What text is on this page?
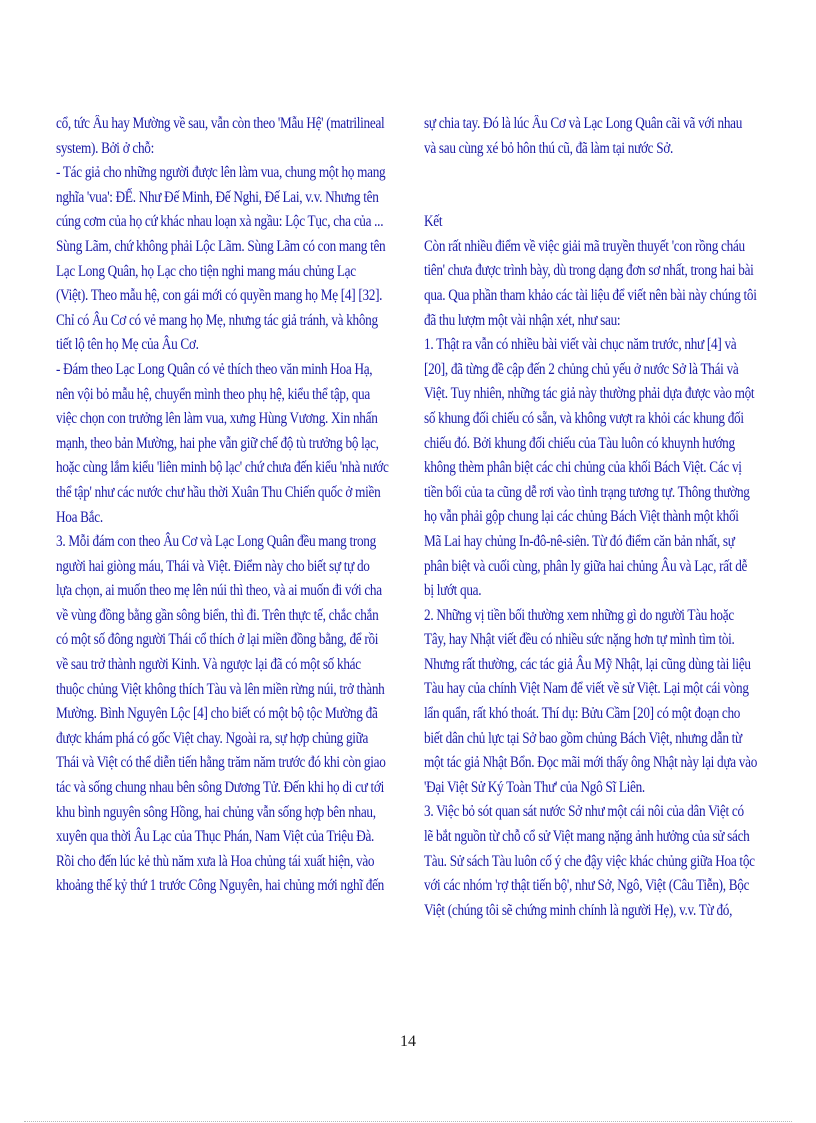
cổ, tức Âu hay Mường về sau, vẫn còn theo 'Mẫu Hệ' (matrilineal
system). Bởi ở chỗ:
- Tác giả cho những người được lên làm vua, chung một họ mang
nghĩa 'vua': ĐẾ. Như Đế Minh, Đế Nghi, Đế Lai, v.v. Nhưng tên
cúng cơm của họ cứ khác nhau loạn xà ngầu: Lộc Tục, cha của ...
Sùng Lãm, chứ không phải Lộc Lãm. Sùng Lãm có con mang tên
Lạc Long Quân, họ Lạc cho tiện nghi mang máu chủng Lạc
(Việt). Theo mẫu hệ, con gái mới có quyền mang họ Mẹ [4] [32].
Chỉ có Âu Cơ có vẻ mang họ Mẹ, nhưng tác giả tránh, và không
tiết lộ tên họ Mẹ của Âu Cơ.
- Đám theo Lạc Long Quân có vẻ thích theo văn minh Hoa Hạ,
nên vội bỏ mẫu hệ, chuyển mình theo phụ hệ, kiểu thể tập, qua
việc chọn con trưởng lên làm vua, xưng Hùng Vương. Xin nhấn
mạnh, theo bản Mường, hai phe vẫn giữ chế độ tù trưởng bộ lạc,
hoặc cùng lắm kiểu 'liên minh bộ lạc' chứ chưa đến kiểu 'nhà nước
thể tập' như các nước chư hầu thời Xuân Thu Chiến quốc ở miền
Hoa Bắc.
3. Mỗi đám con theo Âu Cơ và Lạc Long Quân đều mang trong
người hai giòng máu, Thái và Việt. Điểm này cho biết sự tự do
lựa chọn, ai muốn theo mẹ lên núi thì theo, và ai muốn đi với cha
về vùng đồng bằng gần sông biển, thì đi. Trên thực tế, chắc chắn
có một số đông người Thái cổ thích ở lại miền đồng bằng, để rồi
về sau trở thành người Kinh. Và ngược lại đã có một số khác
thuộc chủng Việt không thích Tàu và lên miền rừng núi, trở thành
Mường. Bình Nguyên Lộc [4] cho biết có một bộ tộc Mường đã
được khám phá có gốc Việt chay. Ngoài ra, sự hợp chủng giữa
Thái và Việt có thể diễn tiến hằng trăm năm trước đó khi còn giao
tác và sống chung nhau bên sông Dương Tử. Đến khi họ di cư tới
khu bình nguyên sông Hồng, hai chủng vẫn sống hợp bên nhau,
xuyên qua thời Âu Lạc của Thục Phán, Nam Việt của Triệu Đà.
Rồi cho đến lúc kẻ thù năm xưa là Hoa chủng tái xuất hiện, vào
khoảng thế kỷ thứ 1 trước Công Nguyên, hai chủng mới nghĩ đến
sự chia tay. Đó là lúc Âu Cơ và Lạc Long Quân cãi vã với nhau
và sau cùng xé bỏ hôn thú cũ, đã làm tại nước Sở.
Kết
Còn rất nhiều điểm về việc giải mã truyền thuyết 'con rồng cháu
tiên' chưa được trình bày, dù trong dạng đơn sơ nhất, trong hai bài
qua. Qua phần tham khảo các tài liệu để viết nên bài này chúng tôi
đã thu lượm một vài nhận xét, như sau:
1. Thật ra vẫn có nhiều bài viết vài chục năm trước, như [4] và
[20], đã từng đề cập đến 2 chủng chủ yếu ở nước Sở là Thái và
Việt. Tuy nhiên, những tác giả này thường phải dựa được vào một
số khung đối chiếu có sẵn, và không vượt ra khỏi các khung đối
chiếu đó. Bởi khung đối chiếu của Tàu luôn có khuynh hướng
không thèm phân biệt các chi chủng của khối Bách Việt. Các vị
tiền bối của ta cũng dễ rơi vào tình trạng tương tự. Thông thường
họ vẫn phải gộp chung lại các chủng Bách Việt thành một khối
Mã Lai hay chủng In-đô-nê-siên. Từ đó điểm căn bản nhất, sự
phân biệt và cuối cùng, phân ly giữa hai chủng Âu và Lạc, rất dễ
bị lướt qua.
2. Những vị tiền bối thường xem những gì do người Tàu hoặc
Tây, hay Nhật viết đều có nhiều sức nặng hơn tự mình tìm tòi.
Nhưng rất thường, các tác giả Âu Mỹ Nhật, lại cũng dùng tài liệu
Tàu hay của chính Việt Nam để viết về sử Việt. Lại một cái vòng
lẩn quẩn, rất khó thoát. Thí dụ: Bửu Cầm [20] có một đoạn cho
biết dân chủ lực tại Sở bao gồm chủng Bách Việt, nhưng dẫn từ
một tác giả Nhật Bổn. Đọc mãi mới thấy ông Nhật này lại dựa vào
'Đại Việt Sử Ký Toàn Thư' của Ngô Sĩ Liên.
3. Việc bỏ sót quan sát nước Sở như một cái nôi của dân Việt có
lẽ bắt nguồn từ chỗ cổ sử Việt mang nặng ảnh hưởng của sử sách
Tàu. Sử sách Tàu luôn cố ý che đậy việc khác chủng giữa Hoa tộc
với các nhóm 'rợ thật tiến bộ', như Sở, Ngô, Việt (Câu Tiễn), Bộc
Việt (chúng tôi sẽ chứng minh chính là người Hẹ), v.v. Từ đó,
14
